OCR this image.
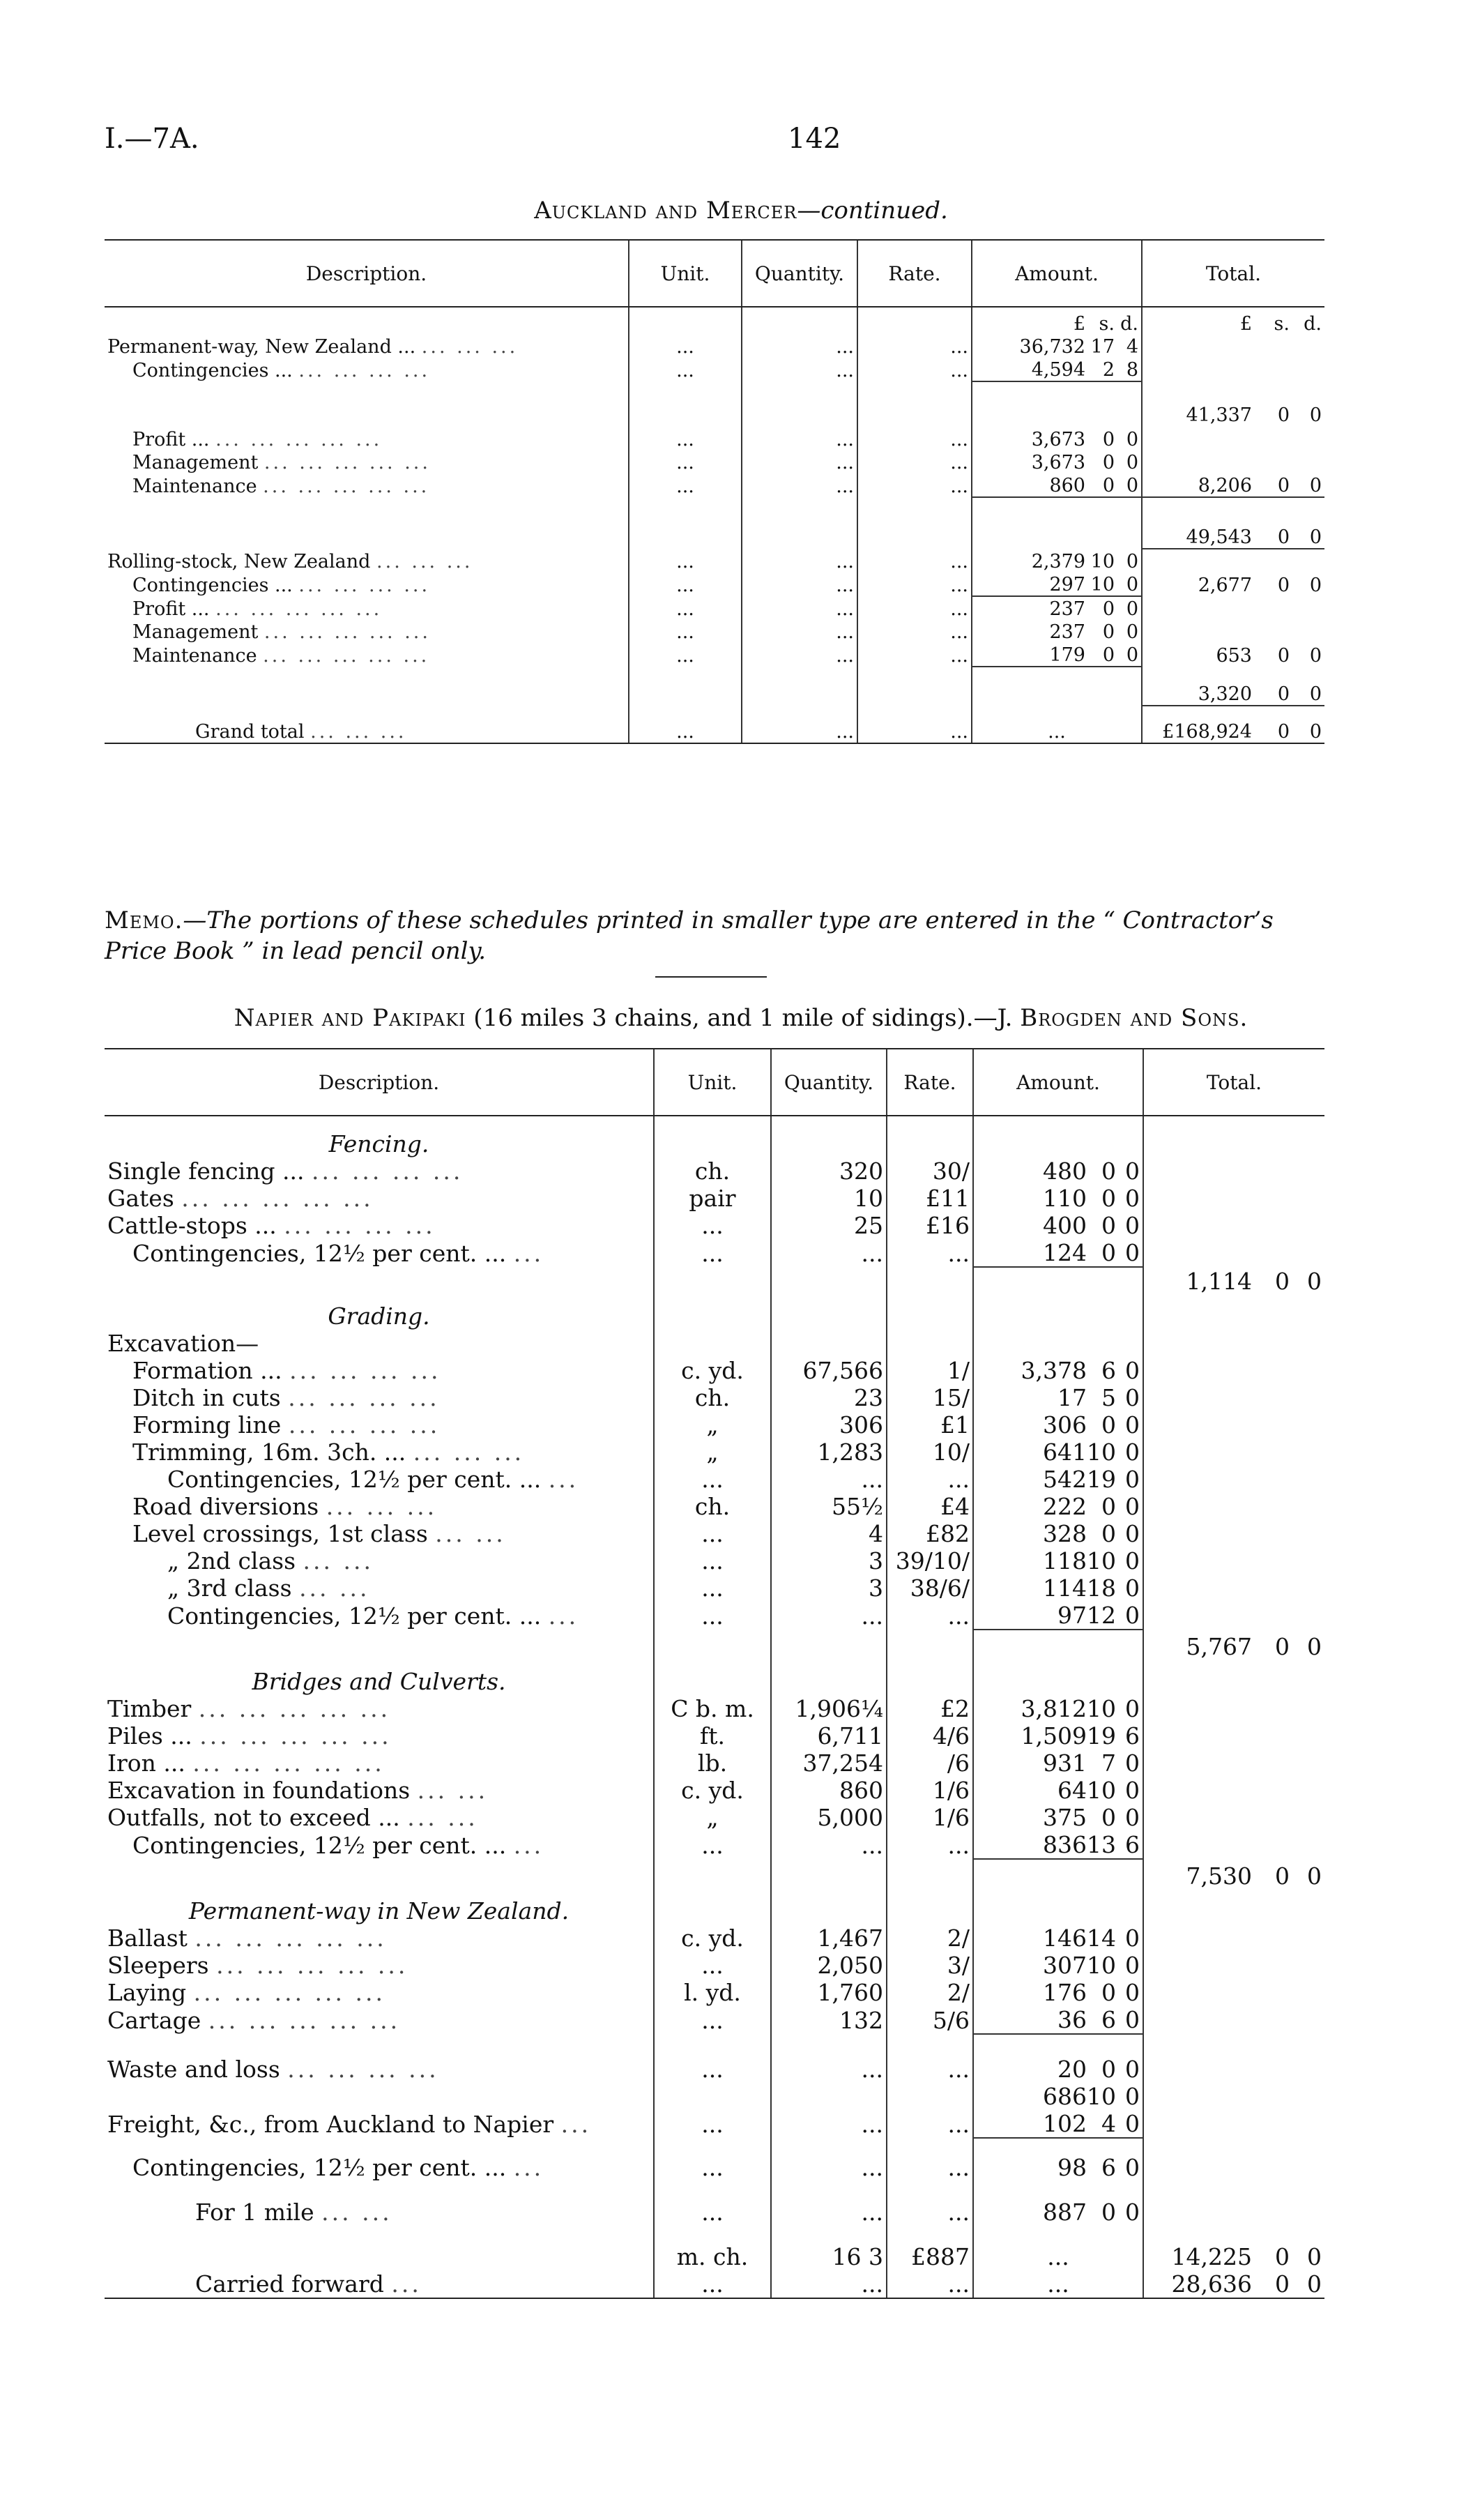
I.—7A.	142
Auckland and Mercer—continued.
Description.	Unit.	Quantity.	Rate.	Amount.	Total.

				£ s. d.	£ s. d.

Permanent-way, New Zealand ... ... ... ...	...	...	...	36,732 17 4	

Contingencies ... ... ... ... ...	...	...	...	4,594 2 8	

					41,337 0 0

Profit ... ... ... ... ... ...	...	...	...	3,673 0 0	

Management ... ... ... ... ...	...	...	...	3,673 0 0	

Maintenance ... ... ... ... ...	...	...	...	860 0 0	8,206 0 0

					49,543 0 0

Rolling-stock, New Zealand ... ... ...	...	...	...	2,379 10 0	

Contingencies ... ... ... ... ...	...	...	...	297 10 0	2,677 0 0

Profit ... ... ... ... ... ...	...	...	...	237 0 0	

Management ... ... ... ... ...	...	...	...	237 0 0	

Maintenance ... ... ... ... ...	...	...	...	179 0 0	653 0 0

					3,320 0 0

Grand total ... ... ...	...	...	...	...	£168,924 0 0
Memo.—The portions of these schedules printed in smaller type are entered in the “ Contractor’s Price Book ” in lead pencil only.
Napier and Pakipaki (16 miles 3 chains, and 1 mile of sidings).—J. Brogden and Sons.
Description.	Unit.	Quantity.	Rate.	Amount.	Total.
Fencing.					
Single fencing ... ... ... ... ...	ch.	320	30/	480 0 0	

Gates ... ... ... ... ...	pair	10	£11	110 0 0	

Cattle-stops ... ... ... ... ...	...	25	£16	400 0 0	

Contingencies, 12½ per cent. ... ...	...	...	...	124 0 0	

					1,114 0 0

Grading.					
Excavation—					
Formation ... ... ... ... ...	c. yd.	67,566	1/	3,378 6 0	

Ditch in cuts ... ... ... ...	ch.	23	15/	17 5 0	

Forming line ... ... ... ...	„	306	£1	306 0 0	

Trimming, 16m. 3ch. ... ... ... ...	„	1,283	10/	641 10 0	

Contingencies, 12½ per cent. ... ...	...	...	...	542 19 0	

Road diversions ... ... ...	ch.	55½	£4	222 0 0	

Level crossings, 1st class ... ...	...	4	£82	328 0 0	

„ 2nd class ... ...	...	3	39/10/	118 10 0	

„ 3rd class ... ...	...	3	38/6/	114 18 0	

Contingencies, 12½ per cent. ... ...	...	...	...	97 12 0	

					5,767 0 0

Bridges and Culverts.					
Timber ... ... ... ... ...	C b. m.	1,906¼	£2	3,812 10 0	

Piles ... ... ... ... ... ...	ft.	6,711	4/6	1,509 19 6	

Iron ... ... ... ... ... ...	lb.	37,254	/6	931 7 0	

Excavation in foundations ... ...	c. yd.	860	1/6	64 10 0	

Outfalls, not to exceed ... ... ...	„	5,000	1/6	375 0 0	

Contingencies, 12½ per cent. ... ...	...	...	...	836 13 6	

					7,530 0 0

Permanent-way in New Zealand.					
Ballast ... ... ... ... ...	c. yd.	1,467	2/	146 14 0	

Sleepers ... ... ... ... ...	...	2,050	3/	307 10 0	

Laying ... ... ... ... ...	l. yd.	1,760	2/	176 0 0	

Cartage ... ... ... ... ...	...	132	5/6	36 6 0	

Waste and loss ... ... ... ...	...	...	...	20 0 0	

				686 10 0	

Freight, &c., from Auckland to Napier ...	...	...	...	102 4 0	

Contingencies, 12½ per cent. ... ...	...	...	...	98 6 0	

For 1 mile ... ...	...	...	...	887 0 0	

	m. ch.	16 3	£887	...	14,225 0 0

Carried forward ...	...	...	...	...	28,636 0 0
